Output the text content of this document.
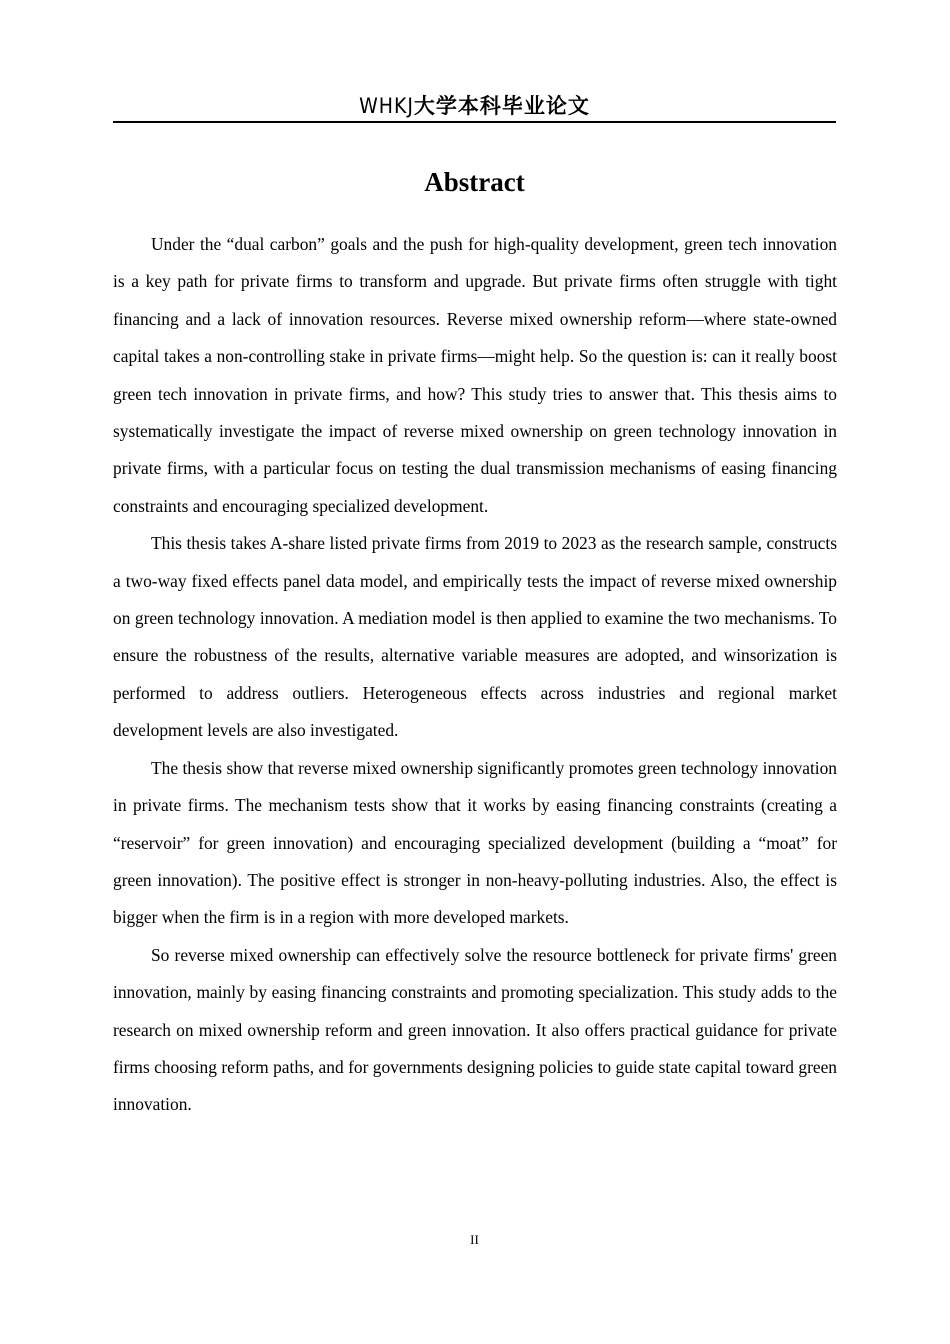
WHKJ大学本科毕业论文
Abstract

Under the “dual carbon” goals and the push for high-quality development, green tech innovation is a key path for private firms to transform and upgrade. But private firms often struggle with tight financing and a lack of innovation resources. Reverse mixed ownership reform—where state-owned capital takes a non-controlling stake in private firms—might help. So the question is: can it really boost green tech innovation in private firms, and how? This study tries to answer that. This thesis aims to systematically investigate the impact of reverse mixed ownership on green technology innovation in private firms, with a particular focus on testing the dual transmission mechanisms of easing financing constraints and encouraging specialized development.

This thesis takes A-share listed private firms from 2019 to 2023 as the research sample, constructs a two-way fixed effects panel data model, and empirically tests the impact of reverse mixed ownership on green technology innovation. A mediation model is then applied to examine the two mechanisms. To ensure the robustness of the results, alternative variable measures are adopted, and winsorization is performed to address outliers. Heterogeneous effects across industries and regional market development levels are also investigated.

The thesis show that reverse mixed ownership significantly promotes green technology innovation in private firms. The mechanism tests show that it works by easing financing constraints (creating a “reservoir” for green innovation) and encouraging specialized development (building a “moat” for green innovation). The positive effect is stronger in non-heavy-polluting industries. Also, the effect is bigger when the firm is in a region with more developed markets.

So reverse mixed ownership can effectively solve the resource bottleneck for private firms' green innovation, mainly by easing financing constraints and promoting specialization. This study adds to the research on mixed ownership reform and green innovation. It also offers practical guidance for private firms choosing reform paths, and for governments designing policies to guide state capital toward green innovation.

II
